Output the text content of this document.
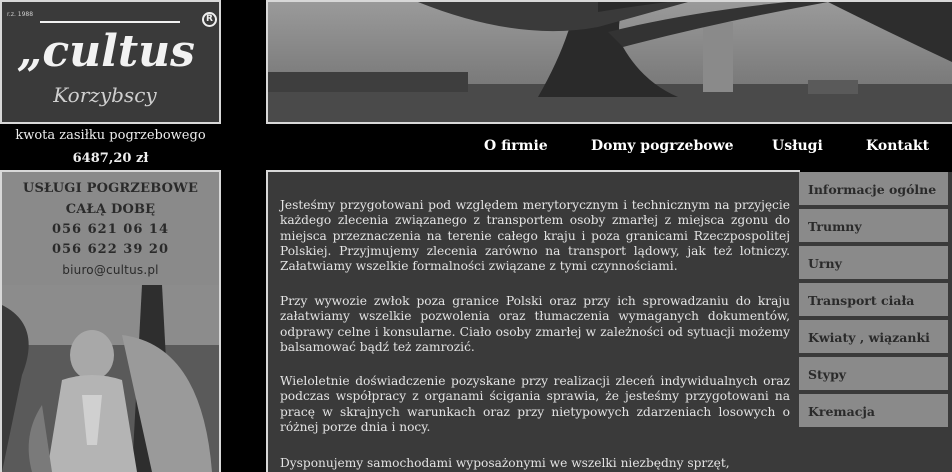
r.z. 1988	R
„cultus
Korzybscy
kwota zasiłku pogrzebowego
6487,20 zł
USŁUGI POGRZEBOWE
CAŁĄ DOBĘ
056 621 06 14
056 622 39 20
biuro@cultus.pl
O firmie	Domy pogrzebowe	Usługi	Kontakt

Jesteśmy przygotowani pod względem merytorycznym i technicznym na przyjęcie każdego zlecenia związanego z transportem osoby zmarłej z miejsca zgonu do miejsca przeznaczenia na terenie całego kraju i poza granicami Rzeczpospolitej Polskiej. Przyjmujemy zlecenia zarówno na transport lądowy, jak też lotniczy. Załatwiamy wszelkie formalności związane z tymi czynnościami.

Przy wywozie zwłok poza granice Polski oraz przy ich sprowadzaniu do kraju załatwiamy wszelkie pozwolenia oraz tłumaczenia wymaganych dokumentów, odprawy celne i konsularne. Ciało osoby zmarłej w zależności od sytuacji możemy balsamować bądź też zamrozić.

Wieloletnie doświadczenie pozyskane przy realizacji zleceń indywidualnych oraz podczas współpracy z organami ścigania sprawia, że jesteśmy przygotowani na pracę w skrajnych warunkach oraz przy nietypowych zdarzeniach losowych o różnej porze dnia i nocy.

Dysponujemy samochodami wyposażonymi we wszelki niezbędny sprzęt,

Informacje ogólne
Trumny
Urny
Transport ciała
Kwiaty , wiązanki
Stypy
Kremacja
